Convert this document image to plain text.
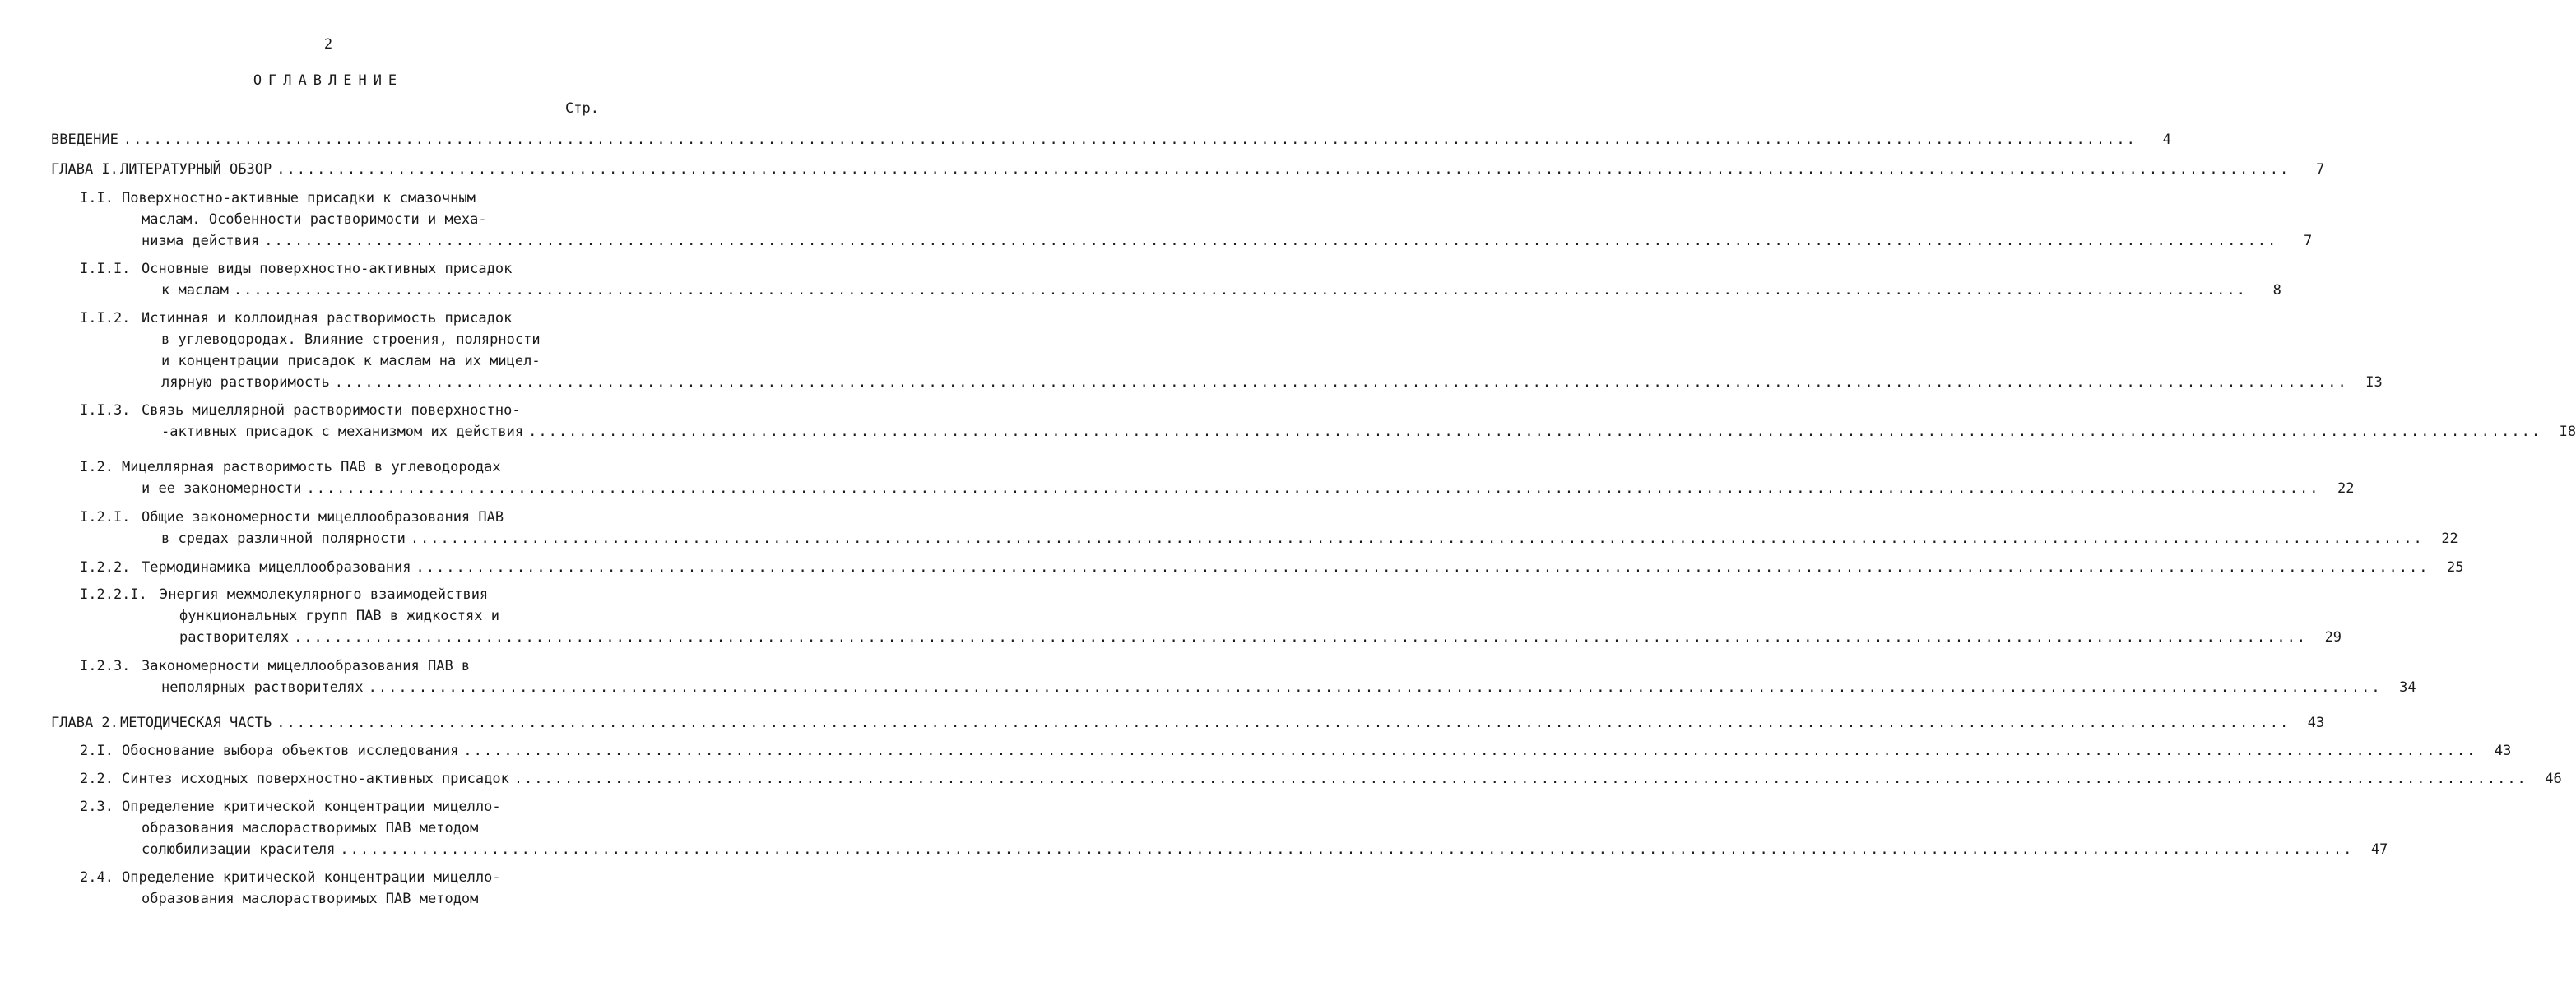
2
ОГЛАВЛЕНИЕ
Стр.
ВВЕДЕНИЕ ........................................................................................................................................................................................................	4
ГЛАВА I. ЛИТЕРАТУРНЫЙ ОБЗОР ........................................................................................................................................................................................................	7
I.I. Поверхностно-активные присадки к смазочным
маслам. Особенности растворимости и меха-
низма действия ........................................................................................................................................................................................................	7
I.I.I. Основные виды поверхностно-активных присадок
к маслам ........................................................................................................................................................................................................	8
I.I.2. Истинная и коллоидная растворимость присадок
в углеводородах. Влияние строения, полярности
и концентрации присадок к маслам на их мицел-
лярную растворимость ........................................................................................................................................................................................................	I3
I.I.3. Связь мицеллярной растворимости поверхностно-
-активных присадок с механизмом их действия ........................................................................................................................................................................................................	I8
I.2. Мицеллярная растворимость ПАВ в углеводородах
и ее закономерности ........................................................................................................................................................................................................	22
I.2.I. Общие закономерности мицеллообразования ПАВ
в средах различной полярности ........................................................................................................................................................................................................	22
I.2.2. Термодинамика мицеллообразования ........................................................................................................................................................................................................	25
I.2.2.I. Энергия межмолекулярного взаимодействия
функциональных групп ПАВ в жидкостях и
растворителях ........................................................................................................................................................................................................	29
I.2.3. Закономерности мицеллообразования ПАВ в
неполярных растворителях ........................................................................................................................................................................................................	34
ГЛАВА 2. МЕТОДИЧЕСКАЯ ЧАСТЬ ........................................................................................................................................................................................................	43
2.I. Обоснование выбора объектов исследования ........................................................................................................................................................................................................	43
2.2. Синтез исходных поверхностно-активных присадок ........................................................................................................................................................................................................	46
2.3. Определение критической концентрации мицелло-
образования маслорастворимых ПАВ методом
солюбилизации красителя ........................................................................................................................................................................................................	47
2.4. Определение критической концентрации мицелло-
образования маслорастворимых ПАВ методом
